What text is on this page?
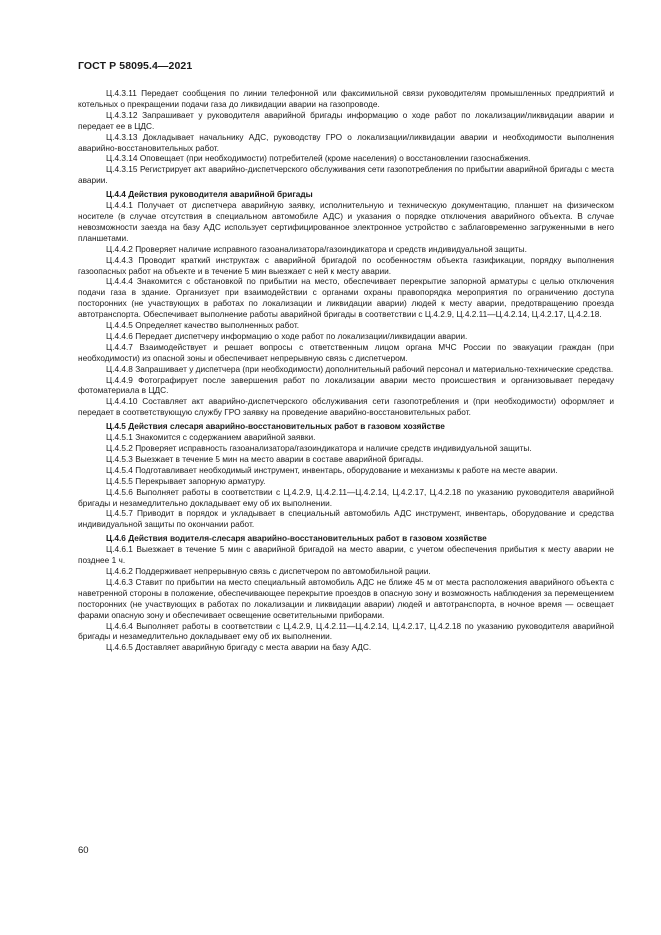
ГОСТ Р 58095.4—2021

Ц.4.3.11 Передает сообщения по линии телефонной или факсимильной связи руководителям промышленных предприятий и котельных о прекращении подачи газа до ликвидации аварии на газопроводе.

Ц.4.3.12 Запрашивает у руководителя аварийной бригады информацию о ходе работ по локализации/ликвидации аварии и передает ее в ЦДС.

Ц.4.3.13 Докладывает начальнику АДС, руководству ГРО о локализации/ликвидации аварии и необходимости выполнения аварийно-восстановительных работ.

Ц.4.3.14 Оповещает (при необходимости) потребителей (кроме населения) о восстановлении газоснабжения.

Ц.4.3.15 Регистрирует акт аварийно-диспетчерского обслуживания сети газопотребления по прибытии аварийной бригады с места аварии.

Ц.4.4 Действия руководителя аварийной бригады

Ц.4.4.1 Получает от диспетчера аварийную заявку, исполнительную и техническую документацию, планшет на физическом носителе (в случае отсутствия в специальном автомобиле АДС) и указания о порядке отключения аварийного объекта. В случае невозможности заезда на базу АДС использует сертифицированное электронное устройство с заблаговременно загруженными в него планшетами.

Ц.4.4.2 Проверяет наличие исправного газоанализатора/газоиндикатора и средств индивидуальной защиты.

Ц.4.4.3 Проводит краткий инструктаж с аварийной бригадой по особенностям объекта газификации, порядку выполнения газоопасных работ на объекте и в течение 5 мин выезжает с ней к месту аварии.

Ц.4.4.4 Знакомится с обстановкой по прибытии на место, обеспечивает перекрытие запорной арматуры с целью отключения подачи газа в здание. Организует при взаимодействии с органами охраны правопорядка мероприятия по ограничению доступа посторонних (не участвующих в работах по локализации и ликвидации аварии) людей к месту аварии, предотвращению проезда автотранспорта. Обеспечивает выполнение работы аварийной бригады в соответствии с Ц.4.2.9, Ц.4.2.11—Ц.4.2.14, Ц.4.2.17, Ц.4.2.18.

Ц.4.4.5 Определяет качество выполненных работ.

Ц.4.4.6 Передает диспетчеру информацию о ходе работ по локализации/ликвидации аварии.

Ц.4.4.7 Взаимодействует и решает вопросы с ответственным лицом органа МЧС России по эвакуации граждан (при необходимости) из опасной зоны и обеспечивает непрерывную связь с диспетчером.

Ц.4.4.8 Запрашивает у диспетчера (при необходимости) дополнительный рабочий персонал и материально-технические средства.

Ц.4.4.9 Фотографирует после завершения работ по локализации аварии место происшествия и организовывает передачу фотоматериала в ЦДС.

Ц.4.4.10 Составляет акт аварийно-диспетчерского обслуживания сети газопотребления и (при необходимости) оформляет и передает в соответствующую службу ГРО заявку на проведение аварийно-восстановительных работ.

Ц.4.5 Действия слесаря аварийно-восстановительных работ в газовом хозяйстве

Ц.4.5.1 Знакомится с содержанием аварийной заявки.

Ц.4.5.2 Проверяет исправность газоанализатора/газоиндикатора и наличие средств индивидуальной защиты.

Ц.4.5.3 Выезжает в течение 5 мин на место аварии в составе аварийной бригады.

Ц.4.5.4 Подготавливает необходимый инструмент, инвентарь, оборудование и механизмы к работе на месте аварии.

Ц.4.5.5 Перекрывает запорную арматуру.

Ц.4.5.6 Выполняет работы в соответствии с Ц.4.2.9, Ц.4.2.11—Ц.4.2.14, Ц.4.2.17, Ц.4.2.18 по указанию руководителя аварийной бригады и незамедлительно докладывает ему об их выполнении.

Ц.4.5.7 Приводит в порядок и укладывает в специальный автомобиль АДС инструмент, инвентарь, оборудование и средства индивидуальной защиты по окончании работ.

Ц.4.6 Действия водителя-слесаря аварийно-восстановительных работ в газовом хозяйстве

Ц.4.6.1 Выезжает в течение 5 мин с аварийной бригадой на место аварии, с учетом обеспечения прибытия к месту аварии не позднее 1 ч.

Ц.4.6.2 Поддерживает непрерывную связь с диспетчером по автомобильной рации.

Ц.4.6.3 Ставит по прибытии на место специальный автомобиль АДС не ближе 45 м от места расположения аварийного объекта с наветренной стороны в положение, обеспечивающее перекрытие проездов в опасную зону и возможность наблюдения за перемещением посторонних (не участвующих в работах по локализации и ликвидации аварии) людей и автотранспорта, в ночное время — освещает фарами опасную зону и обеспечивает освещение осветительными приборами.

Ц.4.6.4 Выполняет работы в соответствии с Ц.4.2.9, Ц.4.2.11—Ц.4.2.14, Ц.4.2.17, Ц.4.2.18 по указанию руководителя аварийной бригады и незамедлительно докладывает ему об их выполнении.

Ц.4.6.5 Доставляет аварийную бригаду с места аварии на базу АДС.

60
